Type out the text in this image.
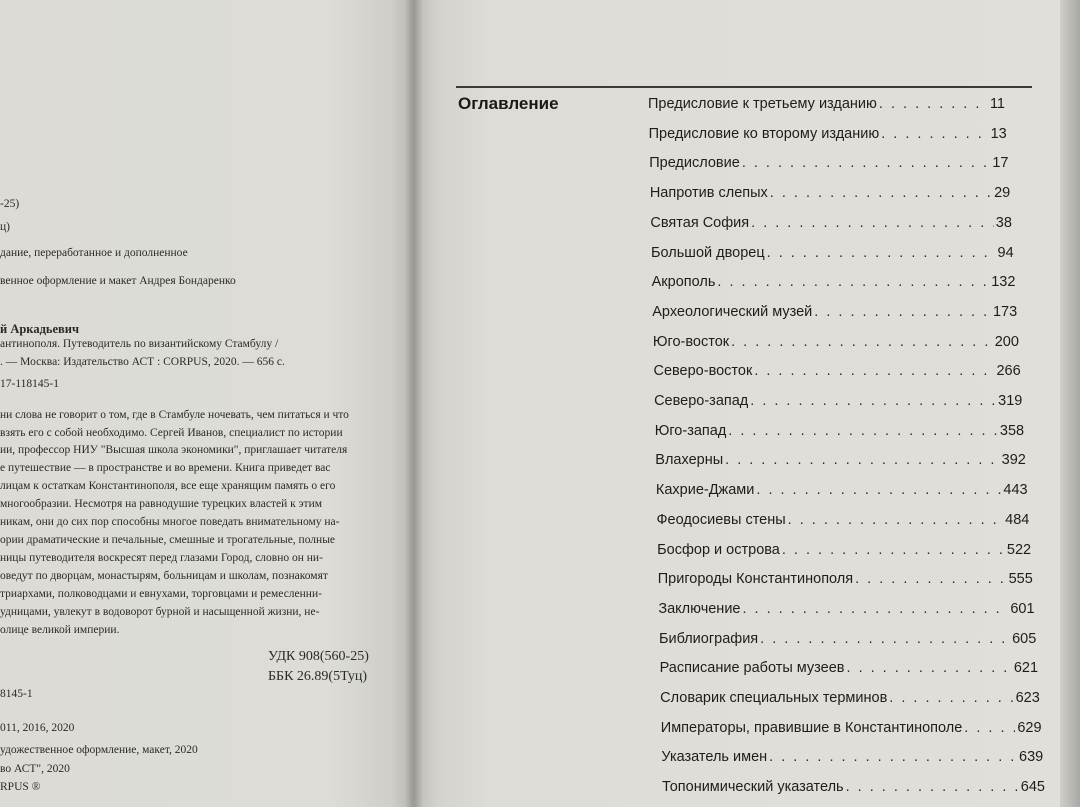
-25)
ц)
дание, переработанное и дополненное
венное оформление и макет Андрея Бондаренко
й Аркадьевич
антинополя. Путеводитель по византийскому Стамбулу /
. — Москва: Издательство АСТ : CORPUS, 2020. — 656 с.
17-118145-1
ни слова не говорит о том, где в Стамбуле ночевать, чем питаться и что
взять его с собой необходимо. Сергей Иванов, специалист по истории
ии, профессор НИУ "Высшая школа экономики", приглашает читателя
е путешествие — в пространстве и во времени. Книга приведет вас
лицам к остаткам Константинополя, все еще хранящим память о его
многообразии. Несмотря на равнодушие турецких властей к этим
никам, они до сих пор способны многое поведать внимательному на-
ории драматические и печальные, смешные и трогательные, полные
ницы путеводителя воскресят перед глазами Город, словно он ни-
оведут по дворцам, монастырям, больницам и школам, познакомят
триархами, полководцами и евнухами, торговцами и ремесленни-
удницами, увлекут в водоворот бурной и насыщенной жизни, не-
олице великой империи.
УДК 908(560-25)
ББК 26.89(5Туц)
8145-1
011, 2016, 2020
удожественное оформление, макет, 2020
во АСТ", 2020
RPUS ®
Оглавление	Предисловие к третьему изданию . . .	11
Предисловие ко второму изданию . . .	13
Предисловие . . .	17
Напротив слепых . . .	29
Святая София . . .	38
Большой дворец . . .	94
Акрополь . . .	132
Археологический музей . . .	173
Юго-восток . . .	200
Северо-восток . . .	266
Северо-запад . . .	319
Юго-запад . . .	358
Влахерны . . .	392
Кахрие-Джами . . .	443
Феодосиевы стены . . .	484
Босфор и острова . . .	522
Пригороды Константинополя . . .	555
Заключение . . .	601
Библиография . . .	605
Расписание работы музеев . . .	621
Словарик специальных терминов . . .	623
Императоры, правившие в Константинополе . . .	629
Указатель имен . . .	639
Топонимический указатель . . .	645
